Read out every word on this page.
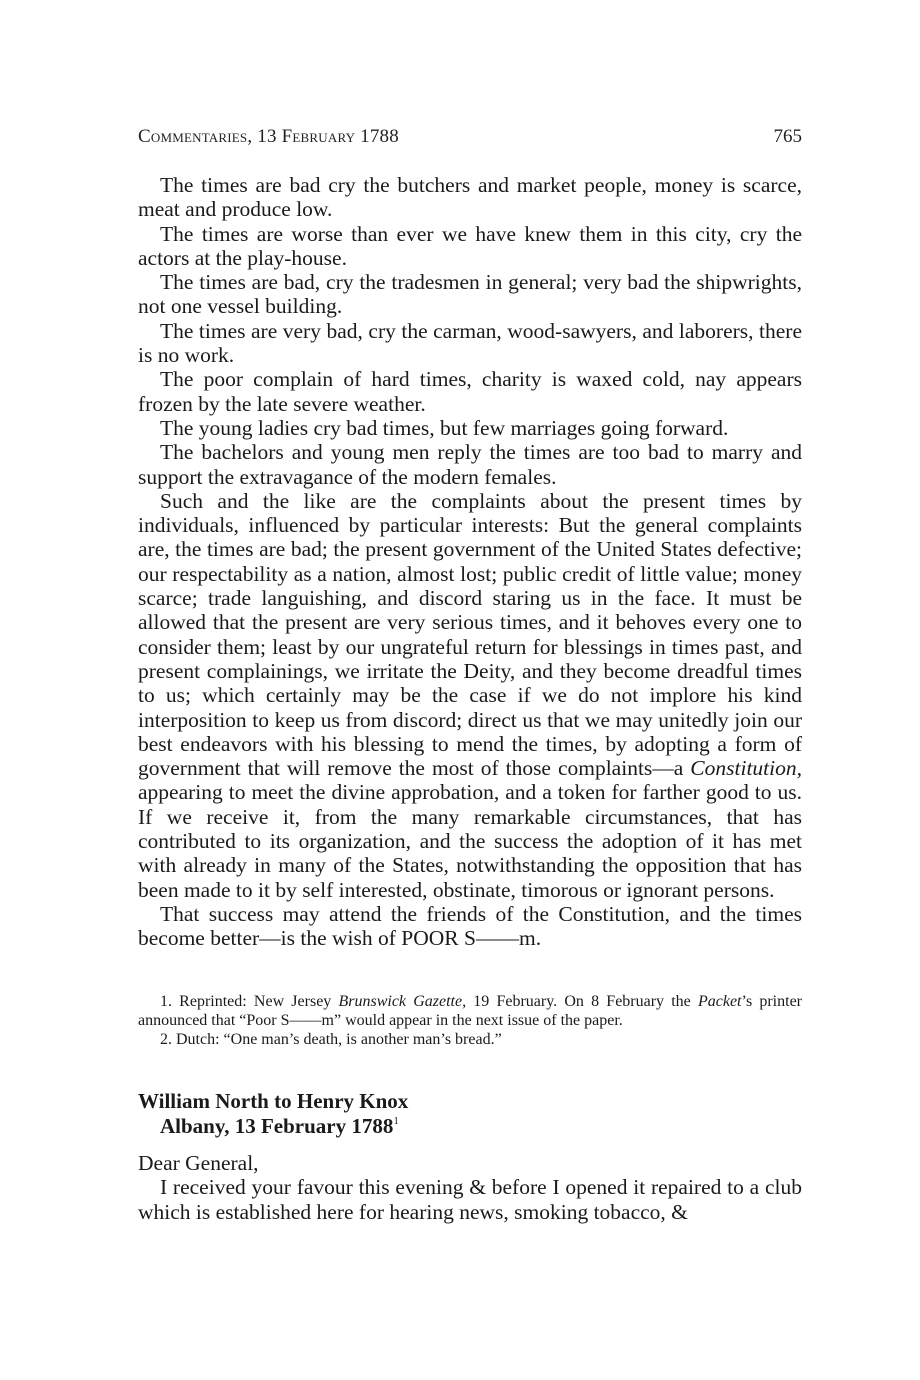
Commentaries, 13 February 1788	765

The times are bad cry the butchers and market people, money is scarce, meat and produce low.

The times are worse than ever we have knew them in this city, cry the actors at the play-house.

The times are bad, cry the tradesmen in general; very bad the shipwrights, not one vessel building.

The times are very bad, cry the carman, wood-sawyers, and laborers, there is no work.

The poor complain of hard times, charity is waxed cold, nay appears frozen by the late severe weather.

The young ladies cry bad times, but few marriages going forward.

The bachelors and young men reply the times are too bad to marry and support the extravagance of the modern females.

Such and the like are the complaints about the present times by individuals, influenced by particular interests: But the general complaints are, the times are bad; the present government of the United States defective; our respectability as a nation, almost lost; public credit of little value; money scarce; trade languishing, and discord staring us in the face. It must be allowed that the present are very serious times, and it behoves every one to consider them; least by our ungrateful return for blessings in times past, and present complainings, we irritate the Deity, and they become dreadful times to us; which certainly may be the case if we do not implore his kind interposition to keep us from discord; direct us that we may unitedly join our best endeavors with his blessing to mend the times, by adopting a form of government that will remove the most of those complaints—a Constitution, appearing to meet the divine approbation, and a token for farther good to us. If we receive it, from the many remarkable circumstances, that has contributed to its organization, and the success the adoption of it has met with already in many of the States, notwithstanding the opposition that has been made to it by self interested, obstinate, timorous or ignorant persons.

That success may attend the friends of the Constitution, and the times become better—is the wish of POOR S——m.

1. Reprinted: New Jersey Brunswick Gazette, 19 February. On 8 February the Packet’s printer announced that “Poor S——m” would appear in the next issue of the paper.

2. Dutch: “One man’s death, is another man’s bread.”

William North to Henry Knox
Albany, 13 February 1788$^1$

Dear General,

I received your favour this evening & before I opened it repaired to a club which is established here for hearing news, smoking tobacco, &
